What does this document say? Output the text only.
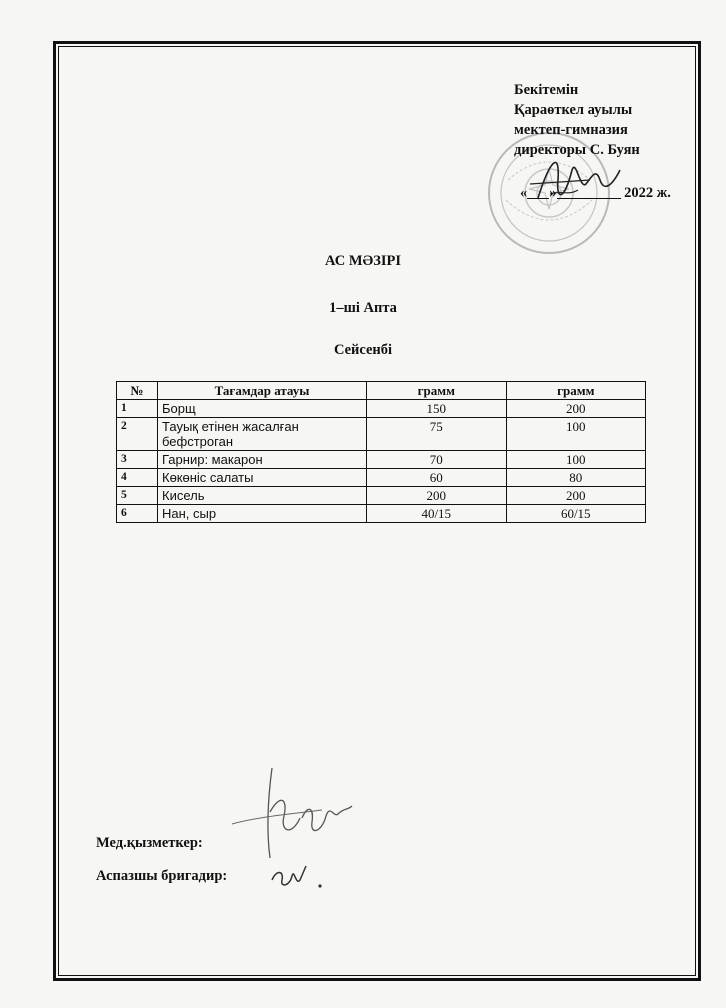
Бекітемін
Қараөткел ауылы
мектеп-гимназия
директоры С. Буян
« »	2022 ж.
АС МӘЗІРІ
1–ші Апта
Сейсенбі
№	Тағамдар атауы	грамм	грамм
1	Борщ	150	200
2	Тауық етінен жасалған бефстроган	75	100
3	Гарнир: макарон	70	100
4	Көкөніс салаты	60	80
5	Кисель	200	200
6	Нан, сыр	40/15	60/15
Мед.қызметкер:
Аспазшы бригадир:
